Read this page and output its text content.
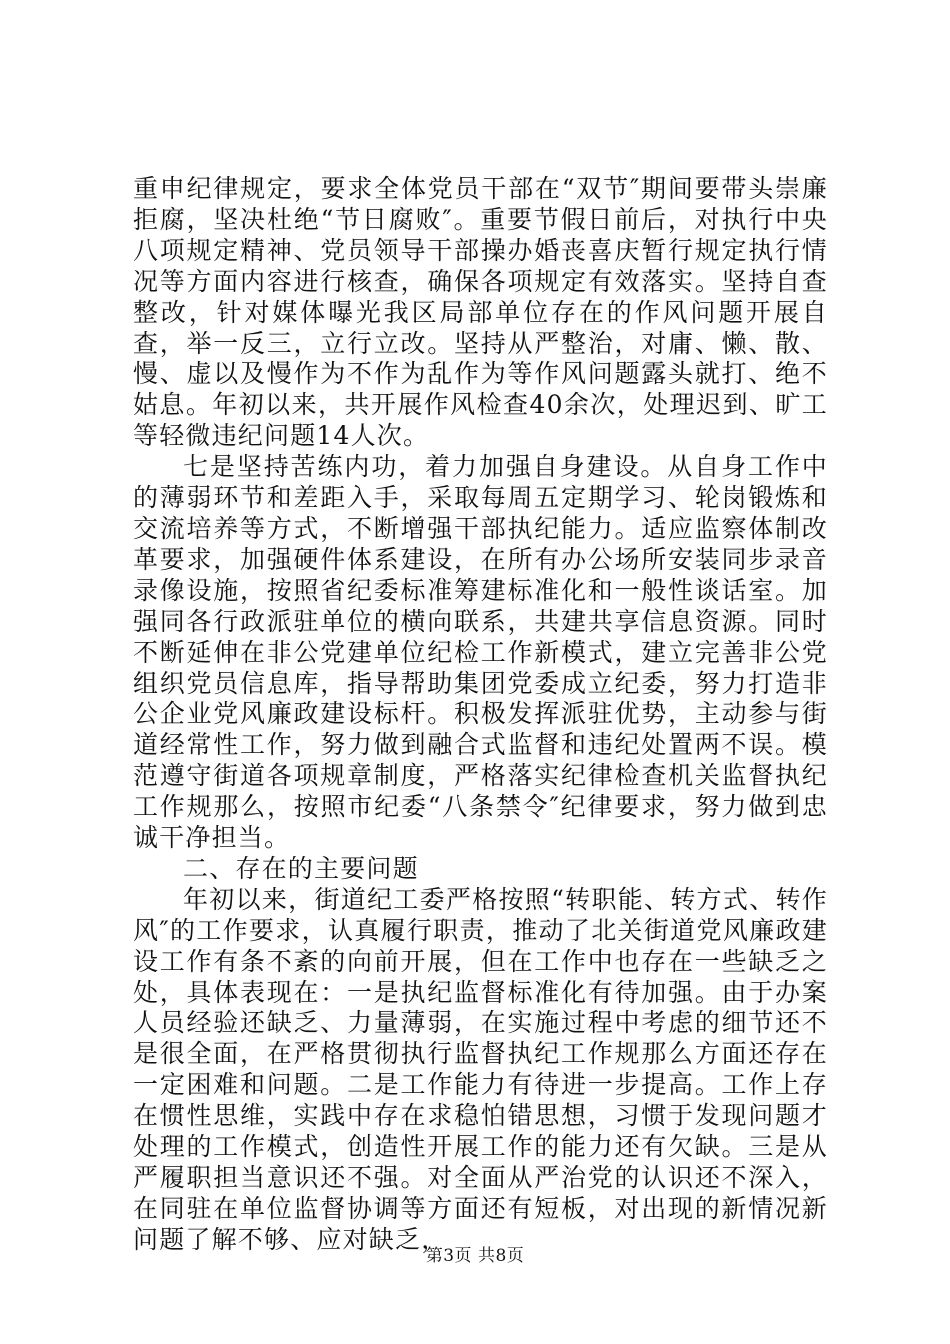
重申纪律规定，要求全体党员干部在“双节″期间要带头崇廉拒腐，坚决杜绝“节日腐败″。重要节假日前后，对执行中央八项规定精神、党员领导干部操办婚丧喜庆暂行规定执行情况等方面内容进行核查，确保各项规定有效落实。坚持自查整改，针对媒体曝光我区局部单位存在的作风问题开展自查，举一反三，立行立改。坚持从严整治，对庸、懒、散、慢、虚以及慢作为不作为乱作为等作风问题露头就打、绝不姑息。年初以来，共开展作风检查40余次，处理迟到、旷工等轻微违纪问题14人次。

七是坚持苦练内功，着力加强自身建设。从自身工作中的薄弱环节和差距入手，采取每周五定期学习、轮岗锻炼和交流培养等方式，不断增强干部执纪能力。适应监察体制改革要求，加强硬件体系建设，在所有办公场所安装同步录音录像设施，按照省纪委标准筹建标准化和一般性谈话室。加强同各行政派驻单位的横向联系，共建共享信息资源。同时不断延伸在非公党建单位纪检工作新模式，建立完善非公党组织党员信息库，指导帮助集团党委成立纪委，努力打造非公企业党风廉政建设标杆。积极发挥派驻优势，主动参与街道经常性工作，努力做到融合式监督和违纪处置两不误。模范遵守街道各项规章制度，严格落实纪律检查机关监督执纪工作规那么，按照市纪委“八条禁令″纪律要求，努力做到忠诚干净担当。

二、存在的主要问题

年初以来，街道纪工委严格按照“转职能、转方式、转作风″的工作要求，认真履行职责，推动了北关街道党风廉政建设工作有条不紊的向前开展，但在工作中也存在一些缺乏之处，具体表现在：一是执纪监督标准化有待加强。由于办案人员经验还缺乏、力量薄弱，在实施过程中考虑的细节还不是很全面，在严格贯彻执行监督执纪工作规那么方面还存在一定困难和问题。二是工作能力有待进一步提高。工作上存在惯性思维，实践中存在求稳怕错思想，习惯于发现问题才处理的工作模式，创造性开展工作的能力还有欠缺。三是从严履职担当意识还不强。对全面从严治党的认识还不深入，在同驻在单位监督协调等方面还有短板，对出现的新情况新问题了解不够、应对缺乏，

第3页 共8页
